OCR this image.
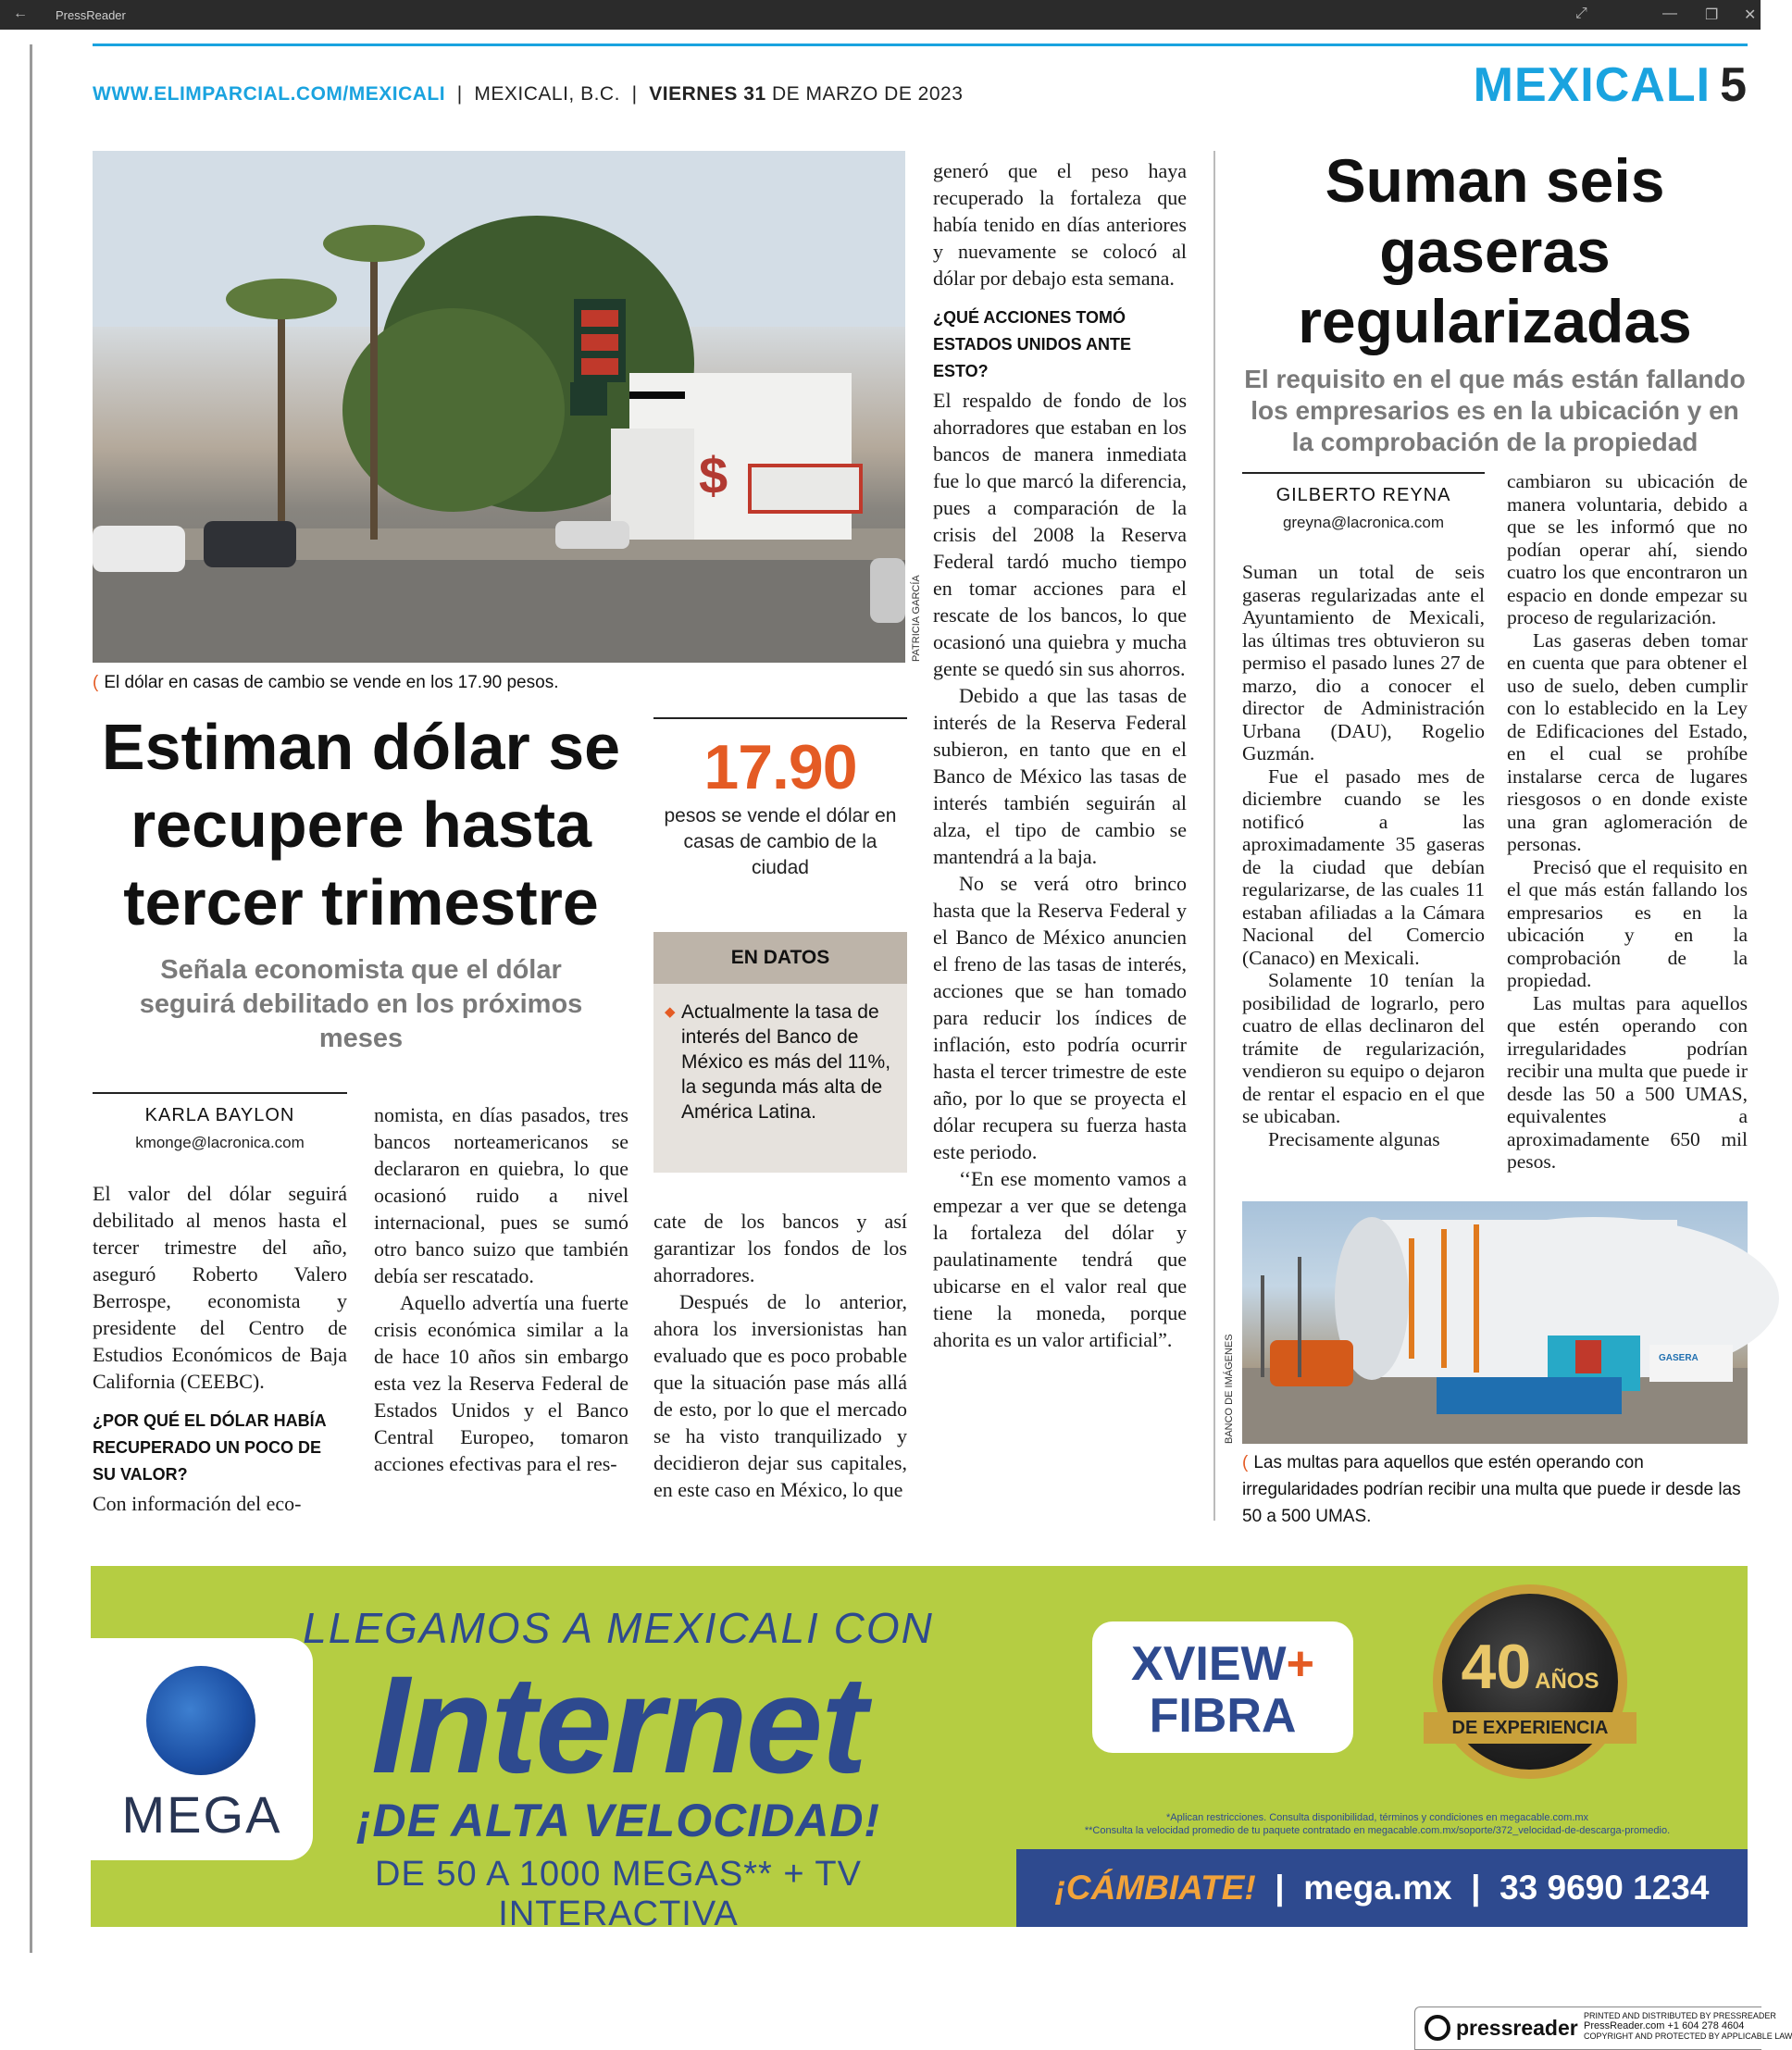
← PressReader	⤢	— ❐ ✕
WWW.ELIMPARCIAL.COM/MEXICALI  |  MEXICALI, B.C.  |  VIERNES 31 DE MARZO DE 2023	MEXICALI 5
$
PATRICIA GARCÍA
( El dólar en casas de cambio se vende en los 17.90 pesos.
Estiman dólar se recupere hasta tercer trimestre
Señala economista que el dólar seguirá debilitado en los próximos meses
KARLA BAYLON
kmonge@lacronica.com

El valor del dólar seguirá debilitado al menos hasta el tercer trimestre del año, aseguró Roberto Valero Berrospe, economista y presidente del Centro de Estudios Económicos de Baja California (CEEBC).

¿POR QUÉ EL DÓLAR HABÍA RECUPERADO UN POCO DE SU VALOR?

Con información del eco-

nomista, en días pasados, tres bancos norteamericanos se declararon en quiebra, lo que ocasionó ruido a nivel internacional, pues se sumó otro banco suizo que también debía ser rescatado.

Aquello advertía una fuerte crisis económica similar a la de hace 10 años sin embargo esta vez la Reserva Federal de Estados Unidos y el Banco Central Europeo, tomaron acciones efectivas para el res-

17.90
pesos se vende el dólar en casas de cambio de la ciudad
EN DATOS
◆ Actualmente la tasa de interés del Banco de México es más del 11%, la segunda más alta de América Latina.

cate de los bancos y así garantizar los fondos de los ahorradores.

Después de lo anterior, ahora los inversionistas han evaluado que es poco probable que la situación pase más allá de esto, por lo que el mercado se ha visto tranquilizado y decidieron dejar sus capitales, en este caso en México, lo que

generó que el peso haya recuperado la fortaleza que había tenido en días anteriores y nuevamente se colocó al dólar por debajo esta semana.

¿QUÉ ACCIONES TOMÓ ESTADOS UNIDOS ANTE ESTO?

El respaldo de fondo de los ahorradores que estaban en los bancos de manera inmediata fue lo que marcó la diferencia, pues a comparación de la crisis del 2008 la Reserva Federal tardó mucho tiempo en tomar acciones para el rescate de los bancos, lo que ocasionó una quiebra y mucha gente se quedó sin sus ahorros.

Debido a que las tasas de interés de la Reserva Federal subieron, en tanto que en el Banco de México las tasas de interés también seguirán al alza, el tipo de cambio se mantendrá a la baja.

No se verá otro brinco hasta que la Reserva Federal y el Banco de México anuncien el freno de las tasas de interés, acciones que se han tomado para reducir los índices de inflación, esto podría ocurrir hasta el tercer trimestre de este año, por lo que se proyecta el dólar recupera su fuerza hasta este periodo.

‘‘En ese momento vamos a empezar a ver que se detenga la fortaleza del dólar y paulatinamente tendrá que ubicarse en el valor real que tiene la moneda, porque ahorita es un valor artificial”.

Suman seis gaseras regularizadas
El requisito en el que más están fallando los empresarios es en la ubicación y en la comprobación de la propiedad
GILBERTO REYNA
greyna@lacronica.com

Suman un total de seis gaseras regularizadas ante el Ayuntamiento de Mexicali, las últimas tres obtuvieron su permiso el pasado lunes 27 de marzo, dio a conocer el director de Administración Urbana (DAU), Rogelio Guzmán.

Fue el pasado mes de diciembre cuando se les notificó a las aproximadamente 35 gaseras de la ciudad que debían regularizarse, de las cuales 11 estaban afiliadas a la Cámara Nacional del Comercio (Canaco) en Mexicali.

Solamente 10 tenían la posibilidad de lograrlo, pero cuatro de ellas declinaron del trámite de regularización, vendieron su equipo o dejaron de rentar el espacio en el que se ubicaban.

Precisamente algunas

cambiaron su ubicación de manera voluntaria, debido a que se les informó que no podían operar ahí, siendo cuatro los que encontraron un espacio en donde empezar su proceso de regularización.

Las gaseras deben tomar en cuenta que para obtener el uso de suelo, deben cumplir con lo establecido en la Ley de Edificaciones del Estado, en el cual se prohíbe instalarse cerca de lugares riesgosos o en donde existe una gran aglomeración de personas.

Precisó que el requisito en el que más están fallando los empresarios es en la ubicación y en la comprobación de la propiedad.

Las multas para aquellos que estén operando con irregularidades podrían recibir una multa que puede ir desde las 50 a 500 UMAS, equivalentes a aproximadamente 650 mil pesos.

GASERA
BANCO DE IMÁGENES
( Las multas para aquellos que estén operando con irregularidades podrían recibir una multa que puede ir desde las 50 a 500 UMAS.
MEGA
LLEGAMOS A MEXICALI CON
Internet
¡DE ALTA VELOCIDAD!
DE 50 A 1000 MEGAS** + TV INTERACTIVA
XVIEW+
FIBRA
40 AÑOS
DE EXPERIENCIA
*Aplican restricciones. Consulta disponibilidad, términos y condiciones en megacable.com.mx
**Consulta la velocidad promedio de tu paquete contratado en megacable.com.mx/soporte/372_velocidad-de-descarga-promedio.
¡CÁMBIATE!  |  mega.mx  |  33 9690 1234
pressreader PRINTED AND DISTRIBUTED BY PRESSREADER
PressReader.com +1 604 278 4604
COPYRIGHT AND PROTECTED BY APPLICABLE LAW
